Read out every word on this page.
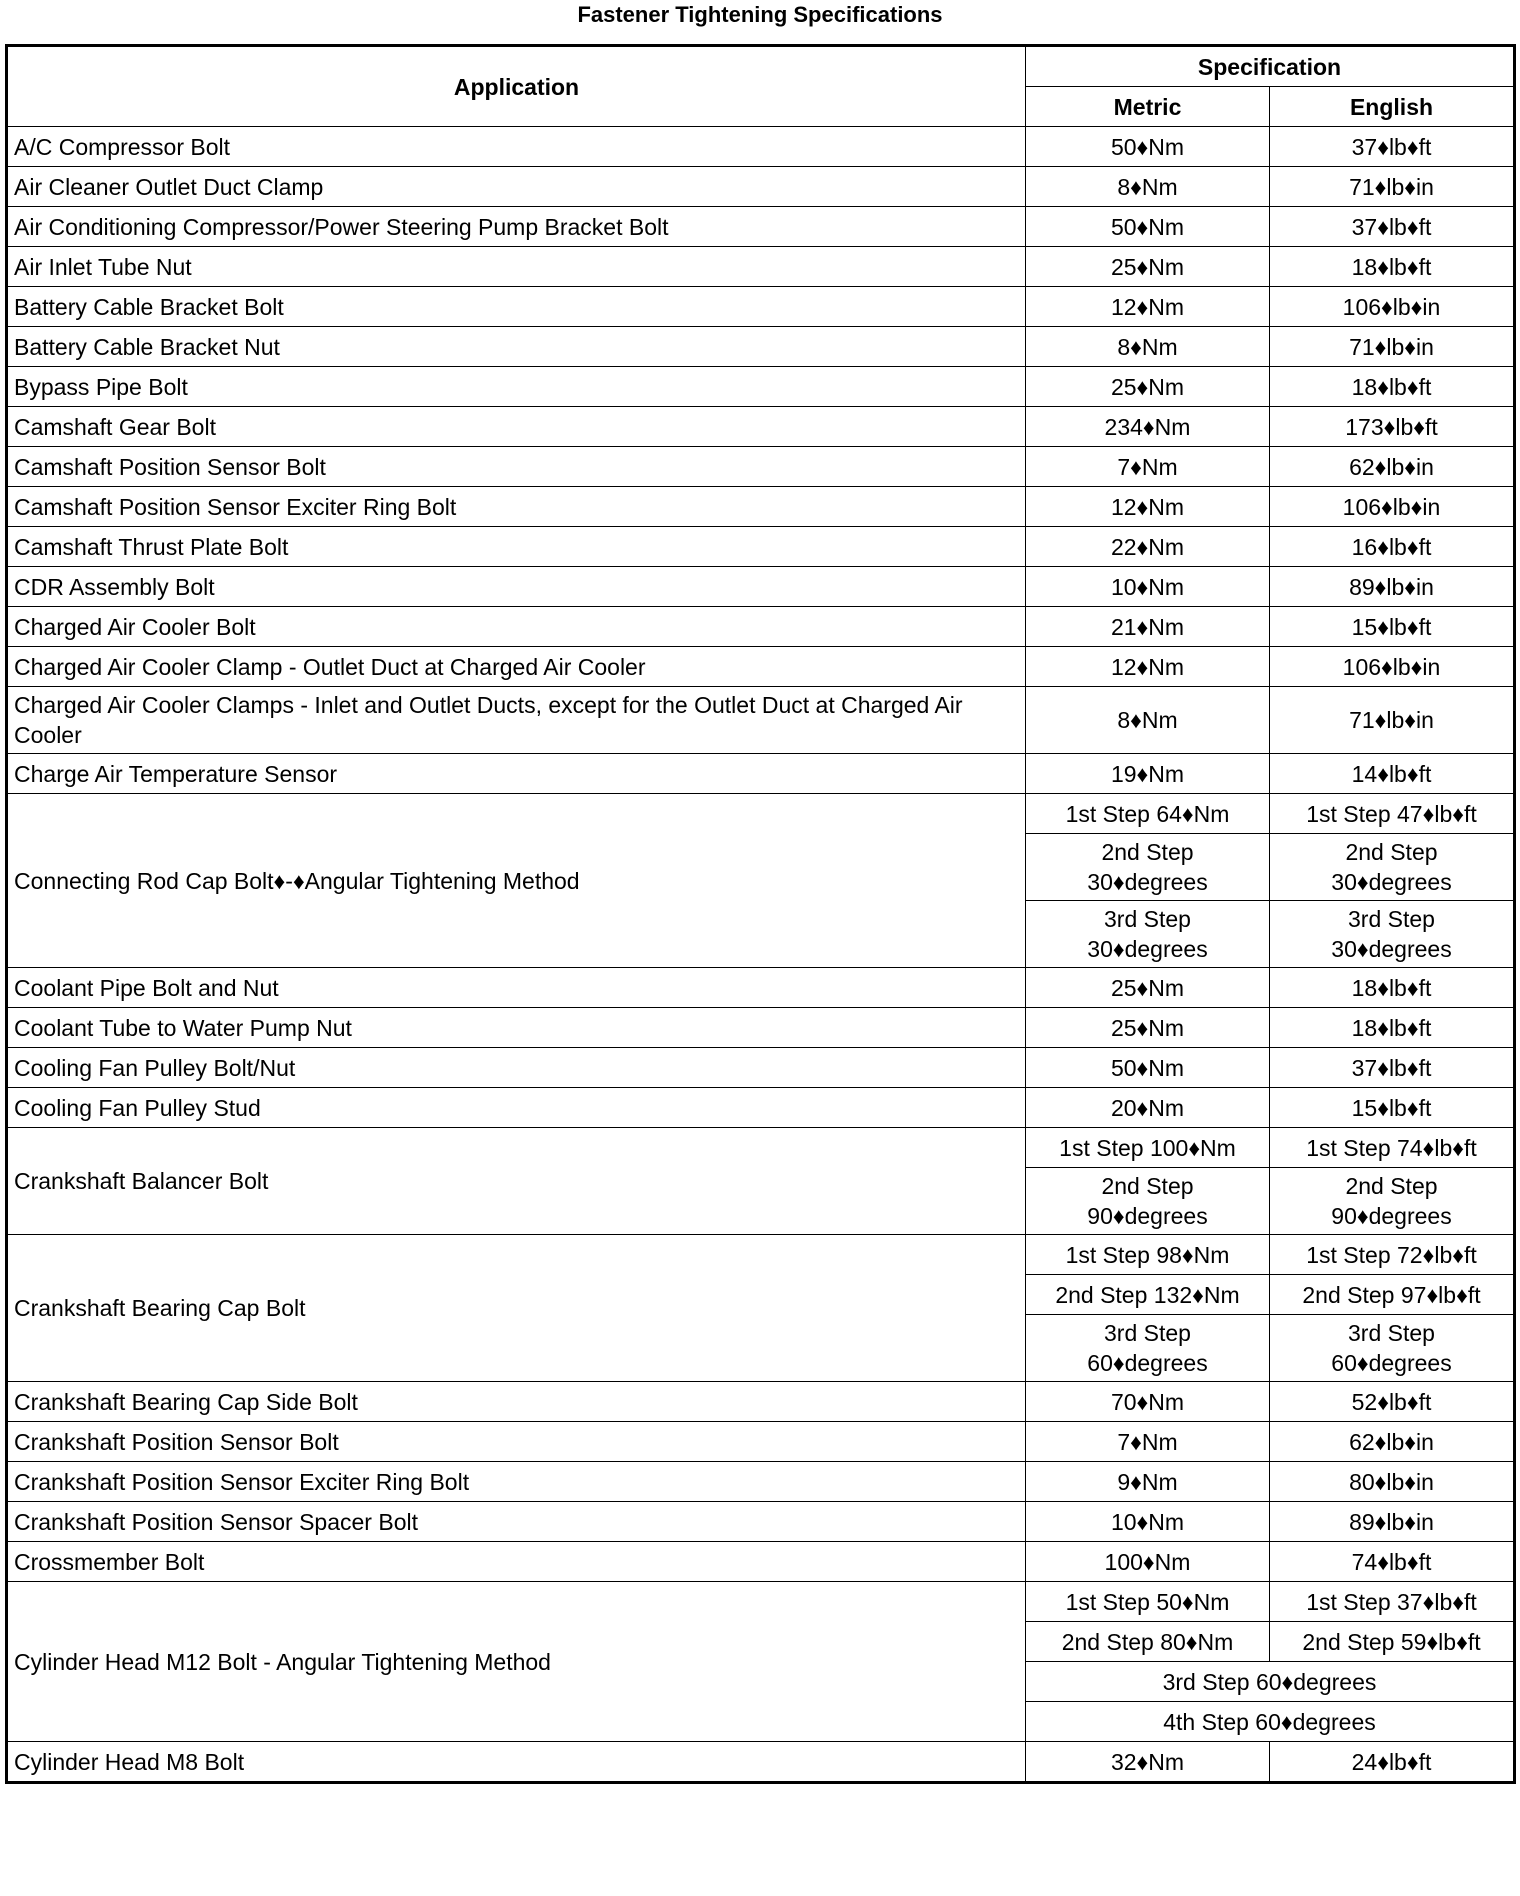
Fastener Tightening Specifications
Application	Specification	
	Metric	English
A/C Compressor Bolt	50♦Nm	37♦lb♦ft
Air Cleaner Outlet Duct Clamp	8♦Nm	71♦lb♦in
Air Conditioning Compressor/Power Steering Pump Bracket Bolt	50♦Nm	37♦lb♦ft
Air Inlet Tube Nut	25♦Nm	18♦lb♦ft
Battery Cable Bracket Bolt	12♦Nm	106♦lb♦in
Battery Cable Bracket Nut	8♦Nm	71♦lb♦in
Bypass Pipe Bolt	25♦Nm	18♦lb♦ft
Camshaft Gear Bolt	234♦Nm	173♦lb♦ft
Camshaft Position Sensor Bolt	7♦Nm	62♦lb♦in
Camshaft Position Sensor Exciter Ring Bolt	12♦Nm	106♦lb♦in
Camshaft Thrust Plate Bolt	22♦Nm	16♦lb♦ft
CDR Assembly Bolt	10♦Nm	89♦lb♦in
Charged Air Cooler Bolt	21♦Nm	15♦lb♦ft
Charged Air Cooler Clamp - Outlet Duct at Charged Air Cooler	12♦Nm	106♦lb♦in
Charged Air Cooler Clamps - Inlet and Outlet Ducts, except for the Outlet Duct at Charged Air Cooler	8♦Nm	71♦lb♦in
Charge Air Temperature Sensor	19♦Nm	14♦lb♦ft
Connecting Rod Cap Bolt♦-♦Angular Tightening Method	1st Step 64♦Nm	1st Step 47♦lb♦ft
	2nd Step
30♦degrees	2nd Step
30♦degrees
	3rd Step
30♦degrees	3rd Step
30♦degrees
Coolant Pipe Bolt and Nut	25♦Nm	18♦lb♦ft
Coolant Tube to Water Pump Nut	25♦Nm	18♦lb♦ft
Cooling Fan Pulley Bolt/Nut	50♦Nm	37♦lb♦ft
Cooling Fan Pulley Stud	20♦Nm	15♦lb♦ft
Crankshaft Balancer Bolt	1st Step 100♦Nm	1st Step 74♦lb♦ft
	2nd Step
90♦degrees	2nd Step
90♦degrees
Crankshaft Bearing Cap Bolt	1st Step 98♦Nm	1st Step 72♦lb♦ft
	2nd Step 132♦Nm	2nd Step 97♦lb♦ft
	3rd Step
60♦degrees	3rd Step
60♦degrees
Crankshaft Bearing Cap Side Bolt	70♦Nm	52♦lb♦ft
Crankshaft Position Sensor Bolt	7♦Nm	62♦lb♦in
Crankshaft Position Sensor Exciter Ring Bolt	9♦Nm	80♦lb♦in
Crankshaft Position Sensor Spacer Bolt	10♦Nm	89♦lb♦in
Crossmember Bolt	100♦Nm	74♦lb♦ft
Cylinder Head M12 Bolt - Angular Tightening Method	1st Step 50♦Nm	1st Step 37♦lb♦ft
	2nd Step 80♦Nm	2nd Step 59♦lb♦ft
	3rd Step 60♦degrees	
	4th Step 60♦degrees	
Cylinder Head M8 Bolt	32♦Nm	24♦lb♦ft
